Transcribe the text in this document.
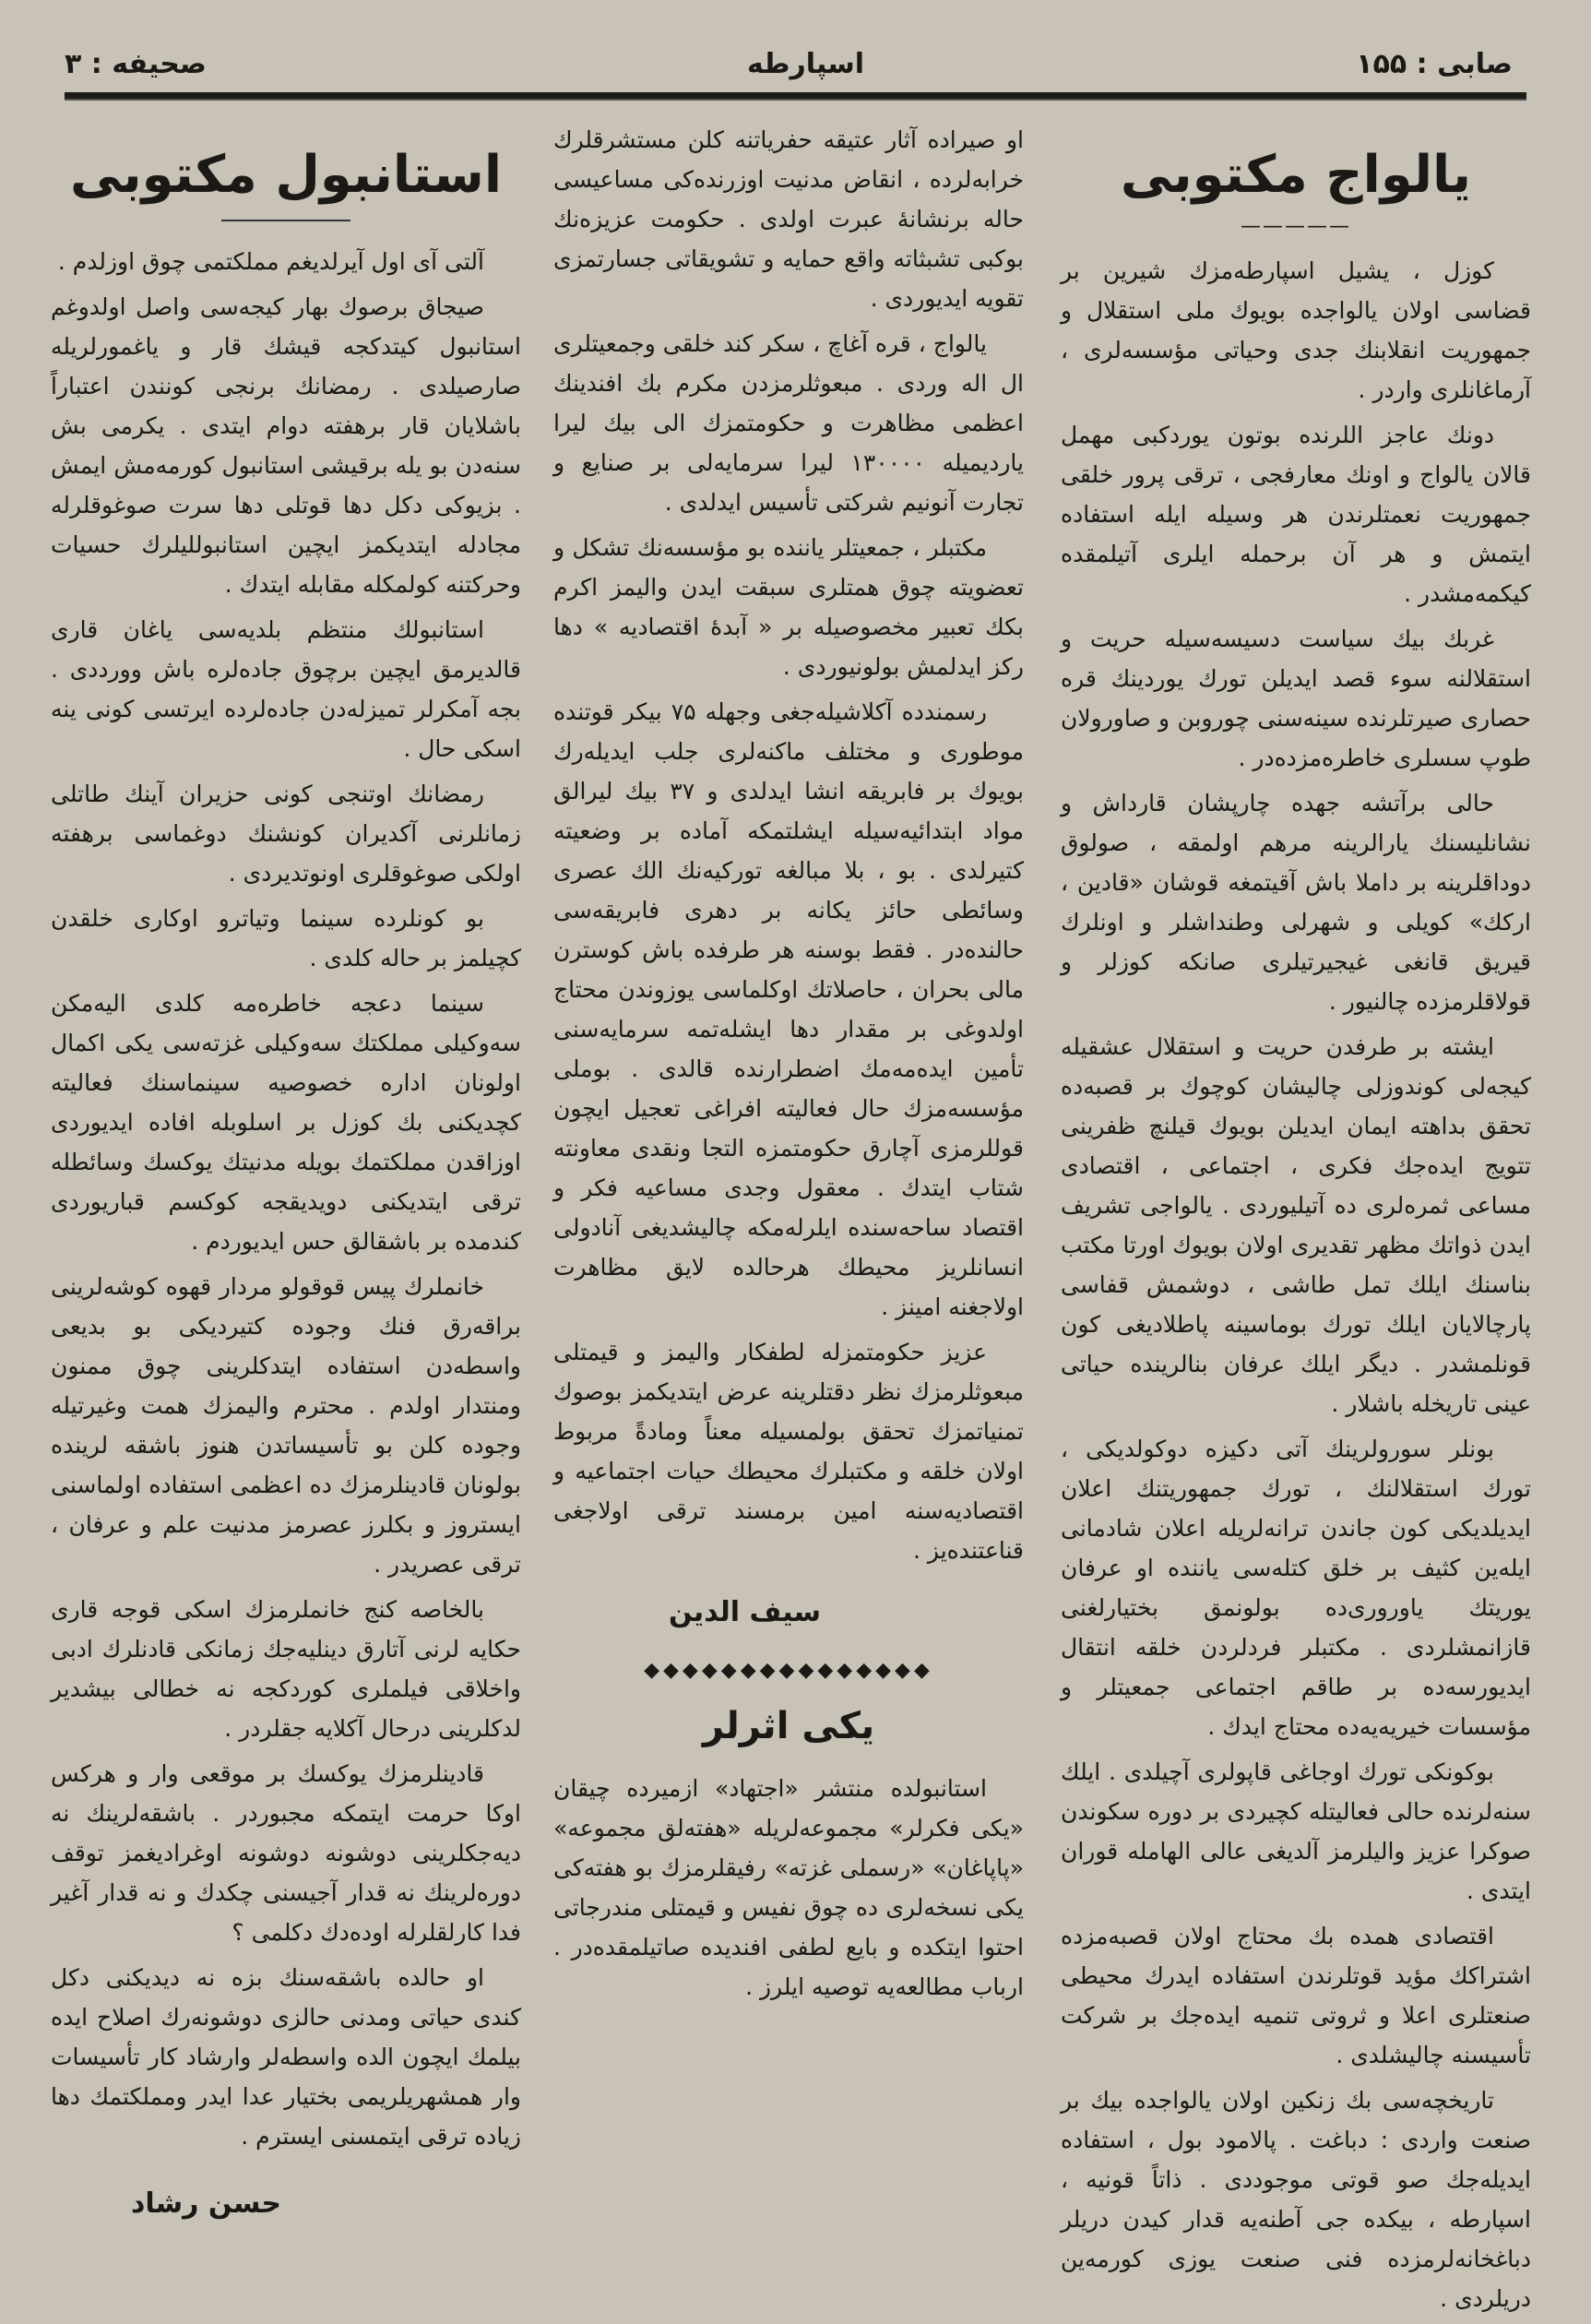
صابی : ۱۵۵
اسپارطه
صحیفه : ۳
یالواج مکتوبی
—————

کوزل ، یشیل اسپارطه‌مزك شیرین بر قضاسی اولان یالواجده بویوك ملی استقلال و جمهوریت انقلابنك جدی وحیاتی مؤسسه‌لری ، آرماغانلری واردر .

دونك عاجز اللرنده بوتون یوردکبی مهمل قالان یالواج و اونك معارفجی ، ترقی پرور خلقی جمهوریت نعمتلرندن هر وسیله ایله استفاده ایتمش و هر آن برحمله ایلری آتیلمقده کیکمه‌مشدر .

غربك بیك سیاست دسیسه‌سیله حریت و استقلالنه سوء قصد ایدیلن تورك یوردینك قره حصاری صیرتلرنده سینه‌سنی چوروبن و صاورولان طوپ سسلری خاطره‌مزده‌در .

حالی برآتشه جهده چارپشان قارداش و نشانلیسنك یارالرینه مرهم اولمقه ، صولوق دوداقلرینه بر داملا باش آقیتمغه قوشان «قادین ، ارکك» کویلی و شهرلی وطنداشلر و اونلرك قیریق قانغی غیجیرتیلری صانکه کوزلر و قولاقلرمزده چالنیور .

ایشته بر طرفدن حریت و استقلال عشقیله کیجه‌لی کوندوزلی چالیشان کوچوك بر قصبه‌ده تحقق بداهته ایمان ایدیلن بویوك قیلنچ ظفرینی تتویج ایده‌جك فکری ، اجتماعی ، اقتصادی مساعی ثمره‌لری ده آتیلیوردی . یالواجی تشریف ایدن ذواتك مظهر تقدیری اولان بویوك اورتا مکتب بناسنك ایلك تمل طاشی ، دوشمش قفاسی پارچالایان ایلك تورك بوماسینه پاطلادیغی کون قونلمشدر . دیگر ایلك عرفان بنالرینده حیاتی عینی تاریخله باشلار .

بونلر سورولرینك آتی دکیزه دوکولدیکی ، تورك استقلالنك ، تورك جمهوریتنك اعلان ایدیلدیکی کون جاندن ترانه‌لریله اعلان شادمانی ایله‌ین کثیف بر خلق کتله‌سی یاننده او عرفان یوریتك یاوروری‌ده بولونمق بختیارلغنی قازانمشلردی . مکتبلر فردلردن خلقه انتقال ایدیورسه‌ده بر طاقم اجتماعی جمعیتلر و مؤسسات خیریه‌یه‌ده محتاج ایدك .

بوکونکی تورك اوجاغی قاپولری آچیلدی . ایلك سنه‌لرنده حالی فعالیتله کچیردی بر دوره سکوندن صوکرا عزیز والیلرمز آلدیغی عالی الهامله قوران ایتدی .

اقتصادی همده بك محتاج اولان قصبه‌مزده اشتراکك مؤید قوتلرندن استفاده ایدرك محیطی صنعتلری اعلا و ثروتی تنمیه ایده‌جك بر شرکت تأسیسنه چالیشلدی .

تاریخچه‌سی بك زنكین اولان یالواجده بیك بر صنعت واردی : دباغت . پالامود بول ، استفاده ایدیله‌جك صو قوتی موجوددی . ذاتاً قونیه ، اسپارطه ، بیکده جی آطنه‌یه قدار کیدن دریلر دباغخانه‌لرمزده فنی صنعت یوزی کورمه‌ین دریلردی .

او صیراده آثار عتیقه حفریاتنه کلن مستشرقلرك خرابه‌لرده ، انقاض مدنیت اوزرنده‌کی مساعیسی حاله برنشانهٔ عبرت اولدی . حکومت عزیزه‌نك بوکبی تشبثاته واقع حمایه و تشویقاتی جسارتمزی تقویه ایدیوردی .

یالواج ، قره آغاچ ، سکر کند خلقی وجمعیتلری ال اله وردی . مبعوثلرمزدن مکرم بك افندینك اعظمی مظاهرت و حکومتمزك الی بیك لیرا یاردیمیله ۱۳۰۰۰۰ لیرا سرمایه‌لی بر صنایع و تجارت آنونیم شرکتی تأسیس ایدلدی .

مکتبلر ، جمعیتلر یاننده بو مؤسسه‌نك تشکل و تعضویته چوق همتلری سبقت ایدن والیمز اکرم بکك تعبیر مخصوصیله بر « آبدهٔ اقتصادیه » دها رکز ایدلمش بولونیوردی .

رسمندده آکلاشیله‌جغی وجهله ۷۵ بیکر قوتنده موطوری و مختلف ماکنه‌لری جلب ایدیله‌رك بویوك بر فابریقه انشا ایدلدی و ۳۷ بیك لیرالق مواد ابتدائیه‌سیله ایشلتمکه آماده بر وضعیته کتیرلدی . بو ، بلا مبالغه تورکیه‌نك الك عصری وسائطی حائز یکانه بر دهری فابریقه‌سی حالنده‌در . فقط بوسنه هر طرفده باش کوسترن مالی بحران ، حاصلاتك اوکلماسی یوزوندن محتاج اولدوغی بر مقدار دها ایشله‌تمه سرمایه‌سنی تأمین ایده‌مه‌مك اضطرارنده قالدی . بوملی مؤسسه‌مزك حال فعالیته افراغی تعجیل ایچون قوللرمزی آچارق حکومتمزه التجا ونقدی معاونته شتاب ایتدك . معقول وجدی مساعیه فکر و اقتصاد ساحه‌سنده ایلرله‌مکه چالیشدیغی آنادولی انسانلریز محیطك هرحالده لایق مظاهرت اولاجغنه امینز .

عزیز حکومتمزله لطفکار والیمز و قیمتلی مبعوثلرمزك نظر دقتلرینه عرض ایتدیکمز بوصوك تمنیاتمزك تحقق بولمسیله معناً ومادةً مربوط اولان خلقه و مکتبلرك محیطك حیات اجتماعیه و اقتصادیه‌سنه امین برمسند ترقی اولاجغی قناعتنده‌یز .

سیف الدین
◆◆◆◆◆◆◆◆◆◆◆◆◆◆◆
یکی اثرلر

استانبولده منتشر «اجتهاد» ازمیرده چیقان «یکی فکرلر» مجموعه‌لریله «هفته‌لق مجموعه» «پاپاغان» «رسملی غزته» رفیقلرمزك بو هفته‌کی یکی نسخه‌لری ده چوق نفیس و قیمتلی مندرجاتی احتوا ایتکده و بایع لطفی افندیده صاتیلمقده‌در . ارباب مطالعه‌یه توصیه ایلرز .

استانبول مکتوبی

آلتی آی اول آیرلدیغم مملکتمی چوق اوزلدم .

صیجاق برصوك بهار کیجه‌سی واصل اولدوغم استانبول کیتدکجه قیشك قار و یاغمورلریله صارصیلدی . رمضانك برنجی کونندن اعتباراً باشلایان قار برهفته دوام ایتدی . یکرمی بش سنه‌دن بو یله برقیشی استانبول کورمه‌مش ایمش . بزیوکی دکل دها قوتلی دها سرت صوغوقلرله مجادله ایتدیکمز ایچین استانبوللیلرك حسیات وحرکتنه کولمکله مقابله ایتدك .

استانبولك منتظم بلدیه‌سی یاغان قاری قالدیرمق ایچین برچوق جاده‌لره باش وورددی . بجه آمکرلر تمیزله‌دن جاده‌لرده ایرتسی کونی ینه اسکی حال .

رمضانك اوتنجی کونی حزیران آینك طاتلی زمانلرنی آکدیران کونشنك دوغماسی برهفته اولکی صوغوقلری اونوتدیردی .

بو کونلرده سینما وتیاترو اوکاری خلقدن کچیلمز بر حاله کلدی .

سینما دعجه خاطره‌مه کلدی الیه‌مکن سه‌وکیلی مملکتك سه‌وکیلی غزته‌سی یکی اکمال اولونان اداره خصوصیه سینماسنك فعالیته کچدیکنی بك کوزل بر اسلوبله افاده ایدیوردی اوزاقدن مملکتمك بویله مدنیتك یوکسك وسائطله ترقی ایتدیکنی دویدیقجه کوکسم قباریوردی کندمده بر باشقالق حس ایدیوردم .

خانملرك پیس قوقولو مردار قهوه کوشه‌لرینی براقه‌رق فنك وجوده کتیردیکی بو بدیعی واسطه‌دن استفاده ایتدکلرینی چوق ممنون ومنتدار اولدم . محترم والیمزك همت وغیرتیله وجوده کلن بو تأسیساتدن هنوز باشقه لرینده بولونان قادینلرمزك ده اعظمی استفاده اولماسنی ایستروز و بکلرز عصرمز مدنیت علم و عرفان ، ترقی عصریدر .

بالخاصه کنج خانملرمزك اسکی قوجه قاری حکایه لرنی آتارق دینلیه‌جك زمانکی قادنلرك ادبی واخلاقی فیلملری کوردکجه نه خطالی بیشدیر لدکلرینی درحال آکلایه جقلردر .

قادینلرمزك یوکسك بر موقعی وار و هرکس اوکا حرمت ایتمکه مجبوردر . باشقه‌لرینك نه دیه‌جکلرینی دوشونه دوشونه اوغرادیغمز توقف دوره‌لرینك نه قدار آجیسنی چکدك و نه قدار آغیر فدا کارلقلرله اوده‌دك دکلمی ؟

او حالده باشقه‌سنك بزه نه دیدیکنی دکل کندی حیاتی ومدنی حالزی دوشونه‌رك اصلاح ایده بیلمك ایچون الده واسطه‌لر وارشاد کار تأسیسات وار همشهریلریمی بختیار عدا ایدر ومملکتمك دها زیاده ترقی ایتمسنی ایسترم .

حسن رشاد
